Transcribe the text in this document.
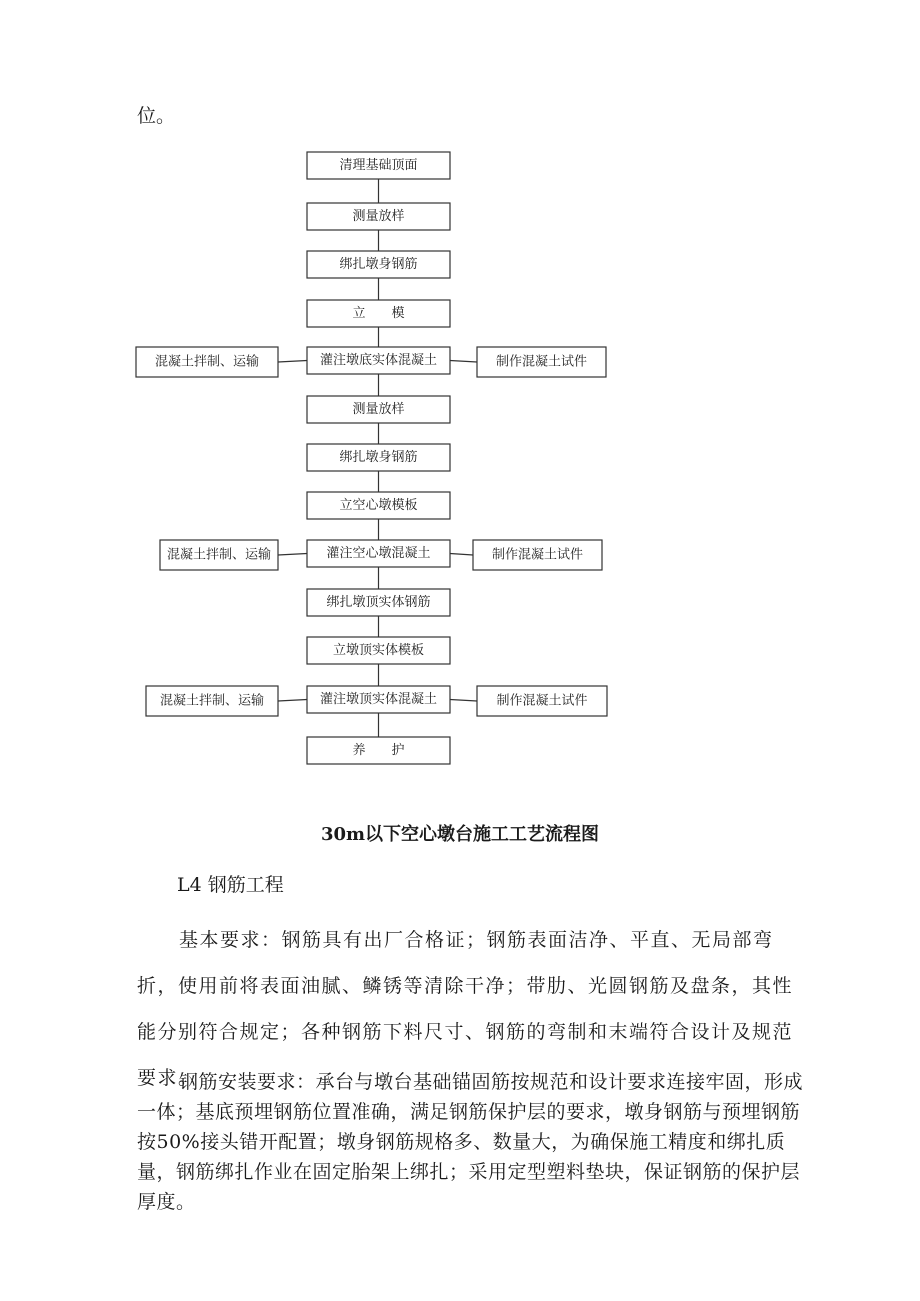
位。
清理基础顶面
测量放样
绑扎墩身钢筋
立　　模
灌注墩底实体混凝土
测量放样
绑扎墩身钢筋
立空心墩模板
灌注空心墩混凝土
绑扎墩顶实体钢筋
立墩顶实体模板
灌注墩顶实体混凝土
养　　护
混凝土拌制、运输	制作混凝土试件
混凝土拌制、运输	制作混凝土试件
混凝土拌制、运输	制作混凝土试件
30m以下空心墩台施工工艺流程图
L4 钢筋工程
基本要求：钢筋具有出厂合格证；钢筋表面洁净、平直、无局部弯折，使用前将表面油腻、鳞锈等清除干净；带肋、光圆钢筋及盘条，其性能分别符合规定；各种钢筋下料尺寸、钢筋的弯制和末端符合设计及规范要求。
钢筋安装要求：承台与墩台基础锚固筋按规范和设计要求连接牢固，形成一体；基底预埋钢筋位置准确，满足钢筋保护层的要求，墩身钢筋与预埋钢筋按50%接头错开配置；墩身钢筋规格多、数量大，为确保施工精度和绑扎质量，钢筋绑扎作业在固定胎架上绑扎；采用定型塑料垫块，保证钢筋的保护层厚度。
